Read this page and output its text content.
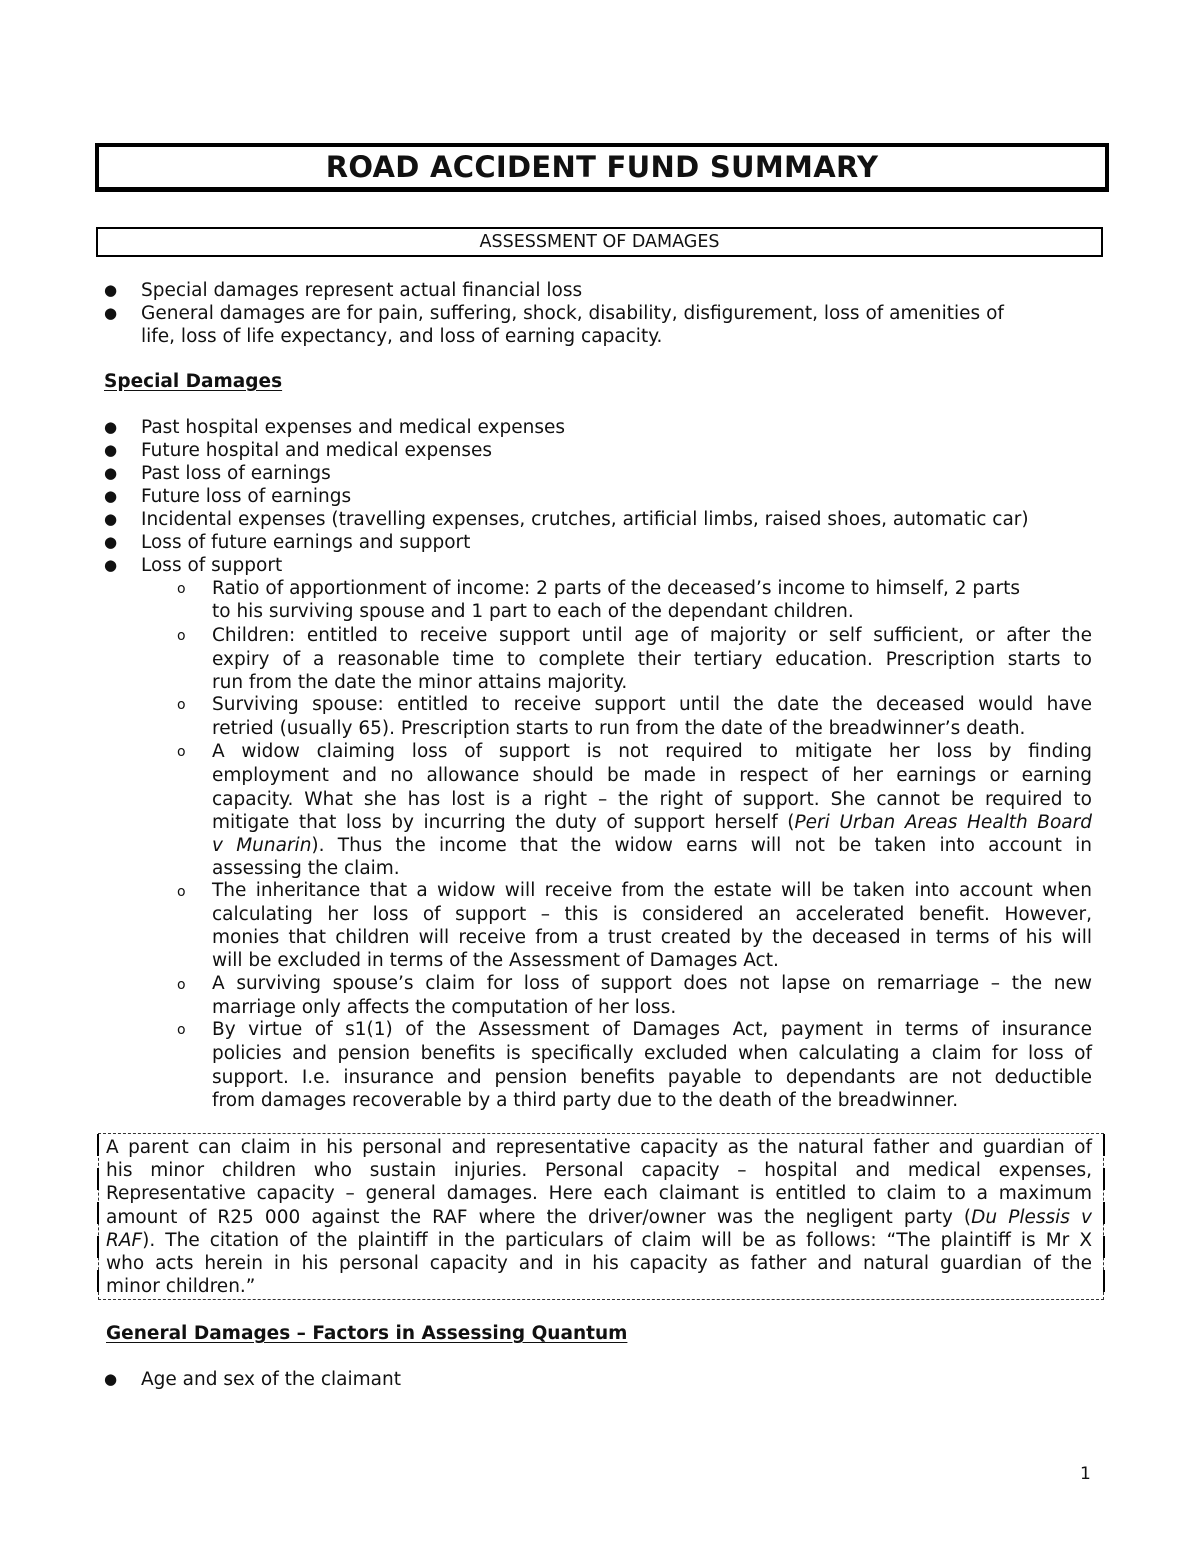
ROAD ACCIDENT FUND SUMMARY
ASSESSMENT OF DAMAGES
● Special damages represent actual financial loss
● General damages are for pain, suffering, shock, disability, disfigurement, loss of amenities of
life, loss of life expectancy, and loss of earning capacity.
Special Damages
● Past hospital expenses and medical expenses
● Future hospital and medical expenses
● Past loss of earnings
● Future loss of earnings
● Incidental expenses (travelling expenses, crutches, artificial limbs, raised shoes, automatic car)
● Loss of future earnings and support
● Loss of support
o Ratio of apportionment of income: 2 parts of the deceased’s income to himself, 2 parts
to his surviving spouse and 1 part to each of the dependant children.
o Children: entitled to receive support until age of majority or self sufficient, or after the
expiry of a reasonable time to complete their tertiary education. Prescription starts to
run from the date the minor attains majority.
o Surviving spouse: entitled to receive support until the date the deceased would have
retried (usually 65). Prescription starts to run from the date of the breadwinner’s death.
o A widow claiming loss of support is not required to mitigate her loss by finding
employment and no allowance should be made in respect of her earnings or earning
capacity. What she has lost is a right – the right of support. She cannot be required to
mitigate that loss by incurring the duty of support herself (Peri Urban Areas Health Board
v Munarin). Thus the income that the widow earns will not be taken into account in
assessing the claim.
o The inheritance that a widow will receive from the estate will be taken into account when
calculating her loss of support – this is considered an accelerated benefit. However,
monies that children will receive from a trust created by the deceased in terms of his will
will be excluded in terms of the Assessment of Damages Act.
o A surviving spouse’s claim for loss of support does not lapse on remarriage – the new
marriage only affects the computation of her loss.
o By virtue of s1(1) of the Assessment of Damages Act, payment in terms of insurance
policies and pension benefits is specifically excluded when calculating a claim for loss of
support. I.e. insurance and pension benefits payable to dependants are not deductible
from damages recoverable by a third party due to the death of the breadwinner.
A parent can claim in his personal and representative capacity as the natural father and guardian of
his minor children who sustain injuries. Personal capacity – hospital and medical expenses,
Representative capacity – general damages. Here each claimant is entitled to claim to a maximum
amount of R25 000 against the RAF where the driver/owner was the negligent party (Du Plessis v
RAF). The citation of the plaintiff in the particulars of claim will be as follows: “The plaintiff is Mr X
who acts herein in his personal capacity and in his capacity as father and natural guardian of the
minor children.”
General Damages – Factors in Assessing Quantum
● Age and sex of the claimant
1
